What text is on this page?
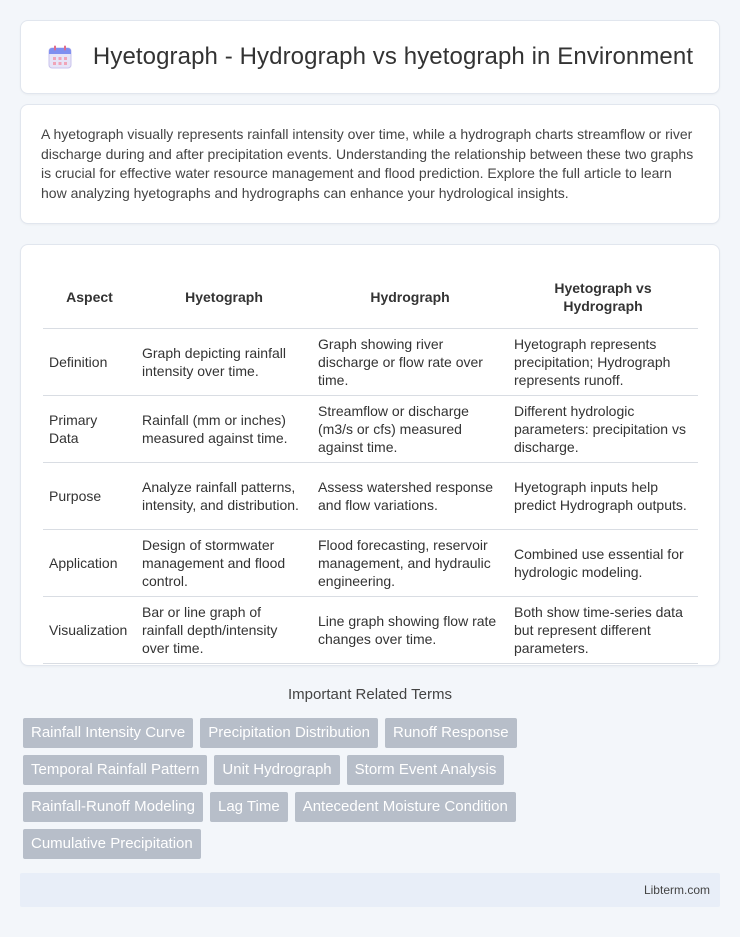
Hyetograph - Hydrograph vs hyetograph in Environment

A hyetograph visually represents rainfall intensity over time, while a hydrograph charts streamflow or river discharge during and after precipitation events. Understanding the relationship between these two graphs is crucial for effective water resource management and flood prediction. Explore the full article to learn how analyzing hyetographs and hydrographs can enhance your hydrological insights.

Aspect	Hyetograph	Hydrograph	Hyetograph vs Hydrograph
Definition	Graph depicting rainfall intensity over time.	Graph showing river discharge or flow rate over time.	Hyetograph represents precipitation; Hydrograph represents runoff.
Primary Data	Rainfall (mm or inches) measured against time.	Streamflow or discharge (m3/s or cfs) measured against time.	Different hydrologic parameters: precipitation vs discharge.
Purpose	Analyze rainfall patterns, intensity, and distribution.	Assess watershed response and flow variations.	Hyetograph inputs help predict Hydrograph outputs.
Application	Design of stormwater management and flood control.	Flood forecasting, reservoir management, and hydraulic engineering.	Combined use essential for hydrologic modeling.
Visualization	Bar or line graph of rainfall depth/intensity over time.	Line graph showing flow rate changes over time.	Both show time-series data but represent different parameters.
Important Related Terms
Rainfall Intensity Curve	Precipitation Distribution	Runoff Response
Temporal Rainfall Pattern	Unit Hydrograph	Storm Event Analysis
Rainfall-Runoff Modeling	Lag Time	Antecedent Moisture Condition
Cumulative Precipitation
Libterm.com
